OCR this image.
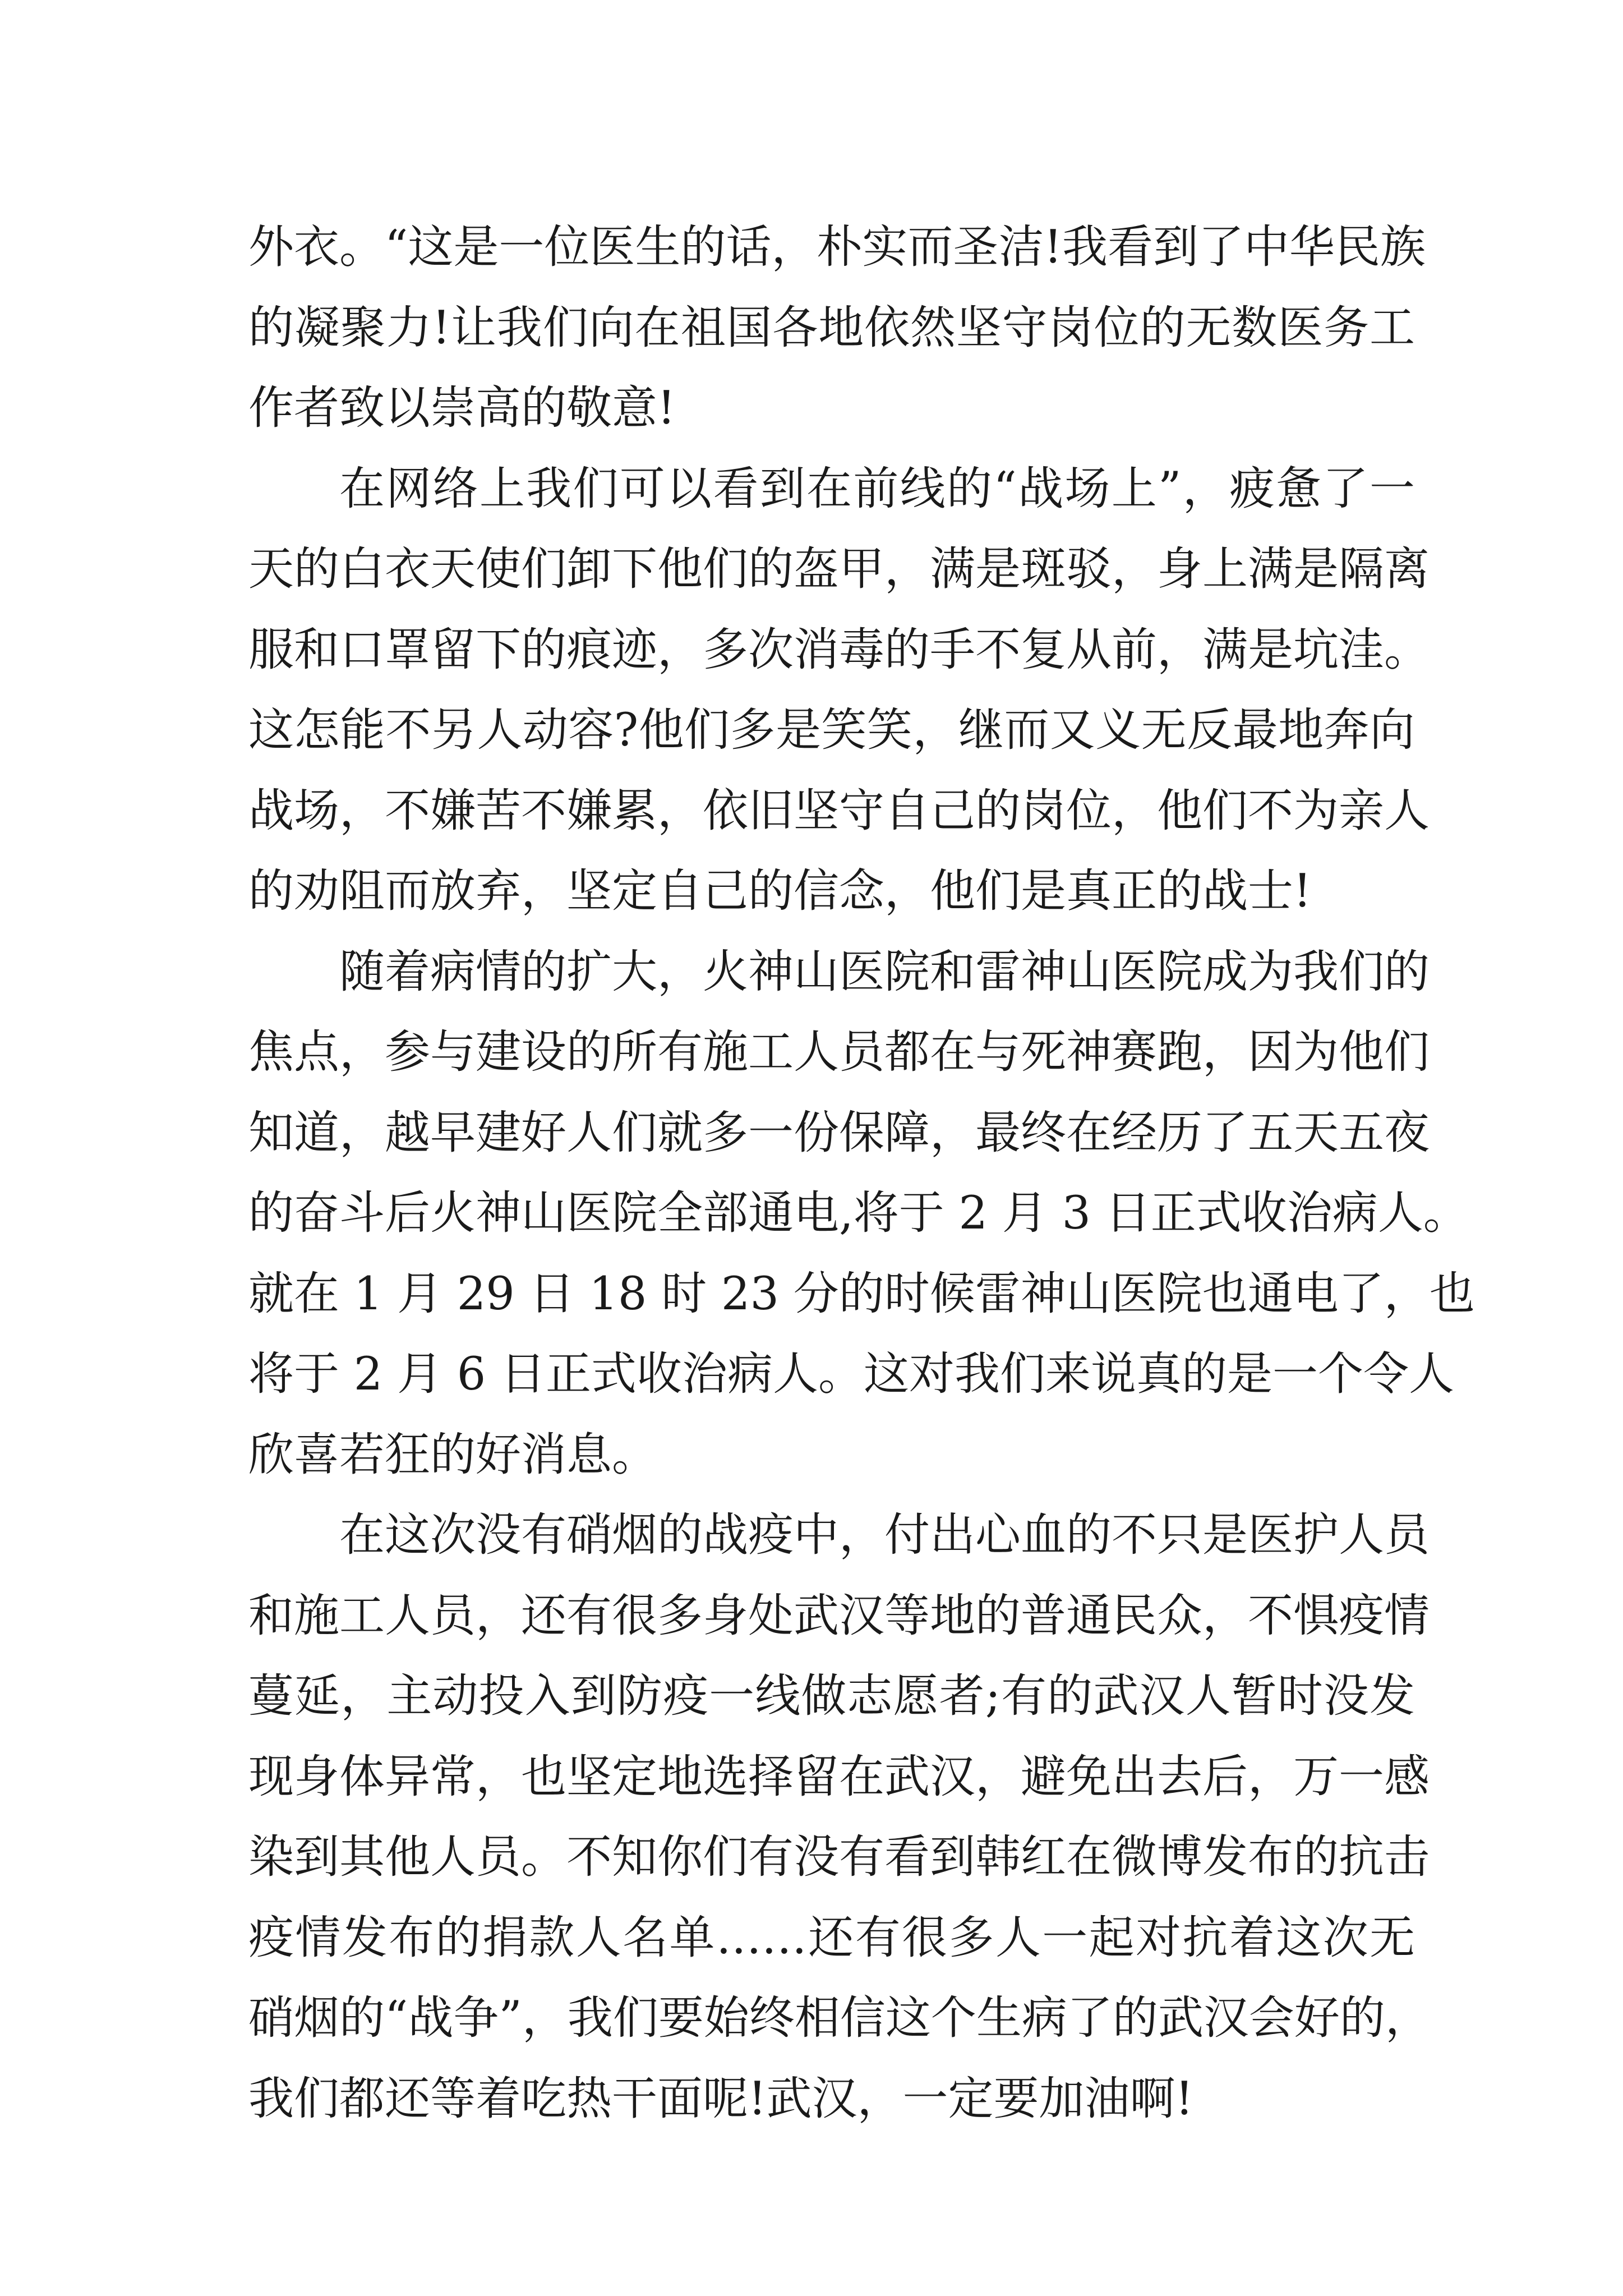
外衣。“这是一位医生的话，朴实而圣洁!我看到了中华民族
的凝聚力!让我们向在祖国各地依然坚守岗位的无数医务工
作者致以崇高的敬意!
在网络上我们可以看到在前线的“战场上”，疲惫了一
天的白衣天使们卸下他们的盔甲，满是斑驳，身上满是隔离
服和口罩留下的痕迹，多次消毒的手不复从前，满是坑洼。
这怎能不另人动容?他们多是笑笑，继而又义无反最地奔向
战场，不嫌苦不嫌累，依旧坚守自己的岗位，他们不为亲人
的劝阻而放弃，坚定自己的信念，他们是真正的战士!
随着病情的扩大，火神山医院和雷神山医院成为我们的
焦点，参与建设的所有施工人员都在与死神赛跑，因为他们
知道，越早建好人们就多一份保障，最终在经历了五天五夜
的奋斗后火神山医院全部通电,将于 2 月 3 日正式收治病人。
就在 1 月 29 日 18 时 23 分的时候雷神山医院也通电了，也
将于 2 月 6 日正式收治病人。这对我们来说真的是一个令人
欣喜若狂的好消息。
在这次没有硝烟的战疫中，付出心血的不只是医护人员
和施工人员，还有很多身处武汉等地的普通民众，不惧疫情
蔓延，主动投入到防疫一线做志愿者;有的武汉人暂时没发
现身体异常，也坚定地选择留在武汉，避免出去后，万一感
染到其他人员。不知你们有没有看到韩红在微博发布的抗击
疫情发布的捐款人名单……还有很多人一起对抗着这次无
硝烟的“战争”，我们要始终相信这个生病了的武汉会好的，
我们都还等着吃热干面呢!武汉，一定要加油啊!
